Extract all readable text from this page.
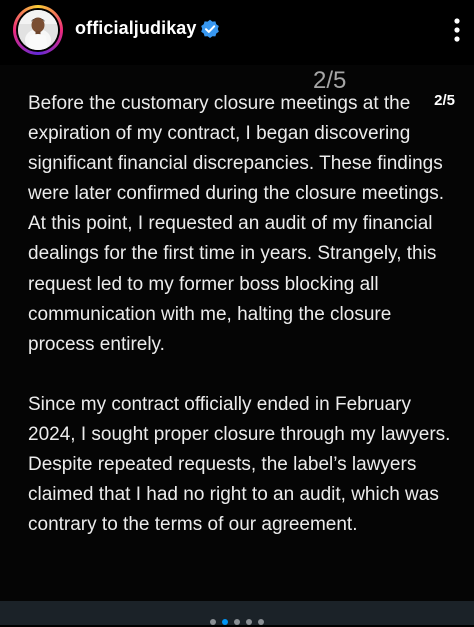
officialjudikay
2/5

Before the customary closure meetings at the expiration of my contract, I began discovering significant financial discrepancies. These findings were later confirmed during the closure meetings. At this point, I requested an audit of my financial dealings for the first time in years. Strangely, this request led to my former boss blocking all communication with me, halting the closure process entirely.

Since my contract officially ended in February 2024, I sought proper closure through my lawyers. Despite repeated requests, the label’s lawyers claimed that I had no right to an audit, which was contrary to the terms of our agreement.

2/5
